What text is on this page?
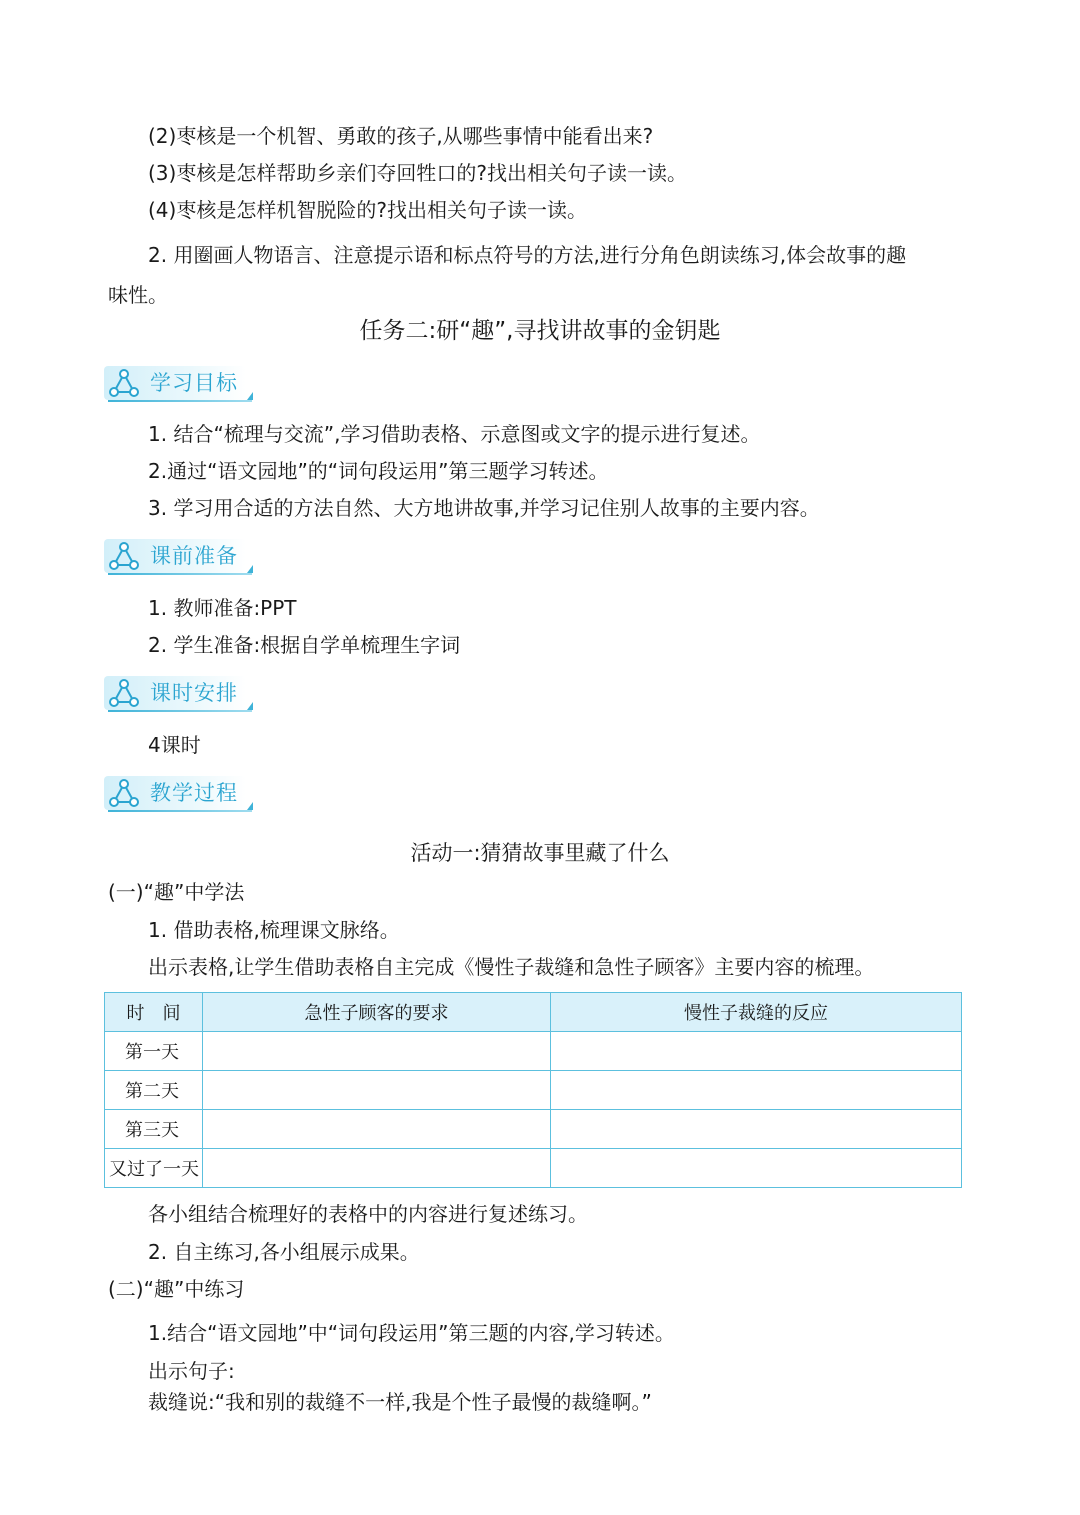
(2)枣核是一个机智、勇敢的孩子,从哪些事情中能看出来?
(3)枣核是怎样帮助乡亲们夺回牲口的?找出相关句子读一读。
(4)枣核是怎样机智脱险的?找出相关句子读一读。
2. 用圈画人物语言、注意提示语和标点符号的方法,进行分角色朗读练习,体会故事的趣
味性。
任务二:研“趣”,寻找讲故事的金钥匙
学习目标
1. 结合“梳理与交流”,学习借助表格、示意图或文字的提示进行复述。
2.通过“语文园地”的“词句段运用”第三题学习转述。
3. 学习用合适的方法自然、大方地讲故事,并学习记住别人故事的主要内容。
课前准备
1. 教师准备:PPT
2. 学生准备:根据自学单梳理生字词
课时安排
4课时
教学过程
活动一:猜猜故事里藏了什么
(一)“趣”中学法
1. 借助表格,梳理课文脉络。
出示表格,让学生借助表格自主完成《慢性子裁缝和急性子顾客》主要内容的梳理。
时　间	急性子顾客的要求	慢性子裁缝的反应
第一天		
第二天		
第三天		
又过了一天		
各小组结合梳理好的表格中的内容进行复述练习。
2. 自主练习,各小组展示成果。
(二)“趣”中练习
1.结合“语文园地”中“词句段运用”第三题的内容,学习转述。
出示句子:
裁缝说:“我和别的裁缝不一样,我是个性子最慢的裁缝啊。”
